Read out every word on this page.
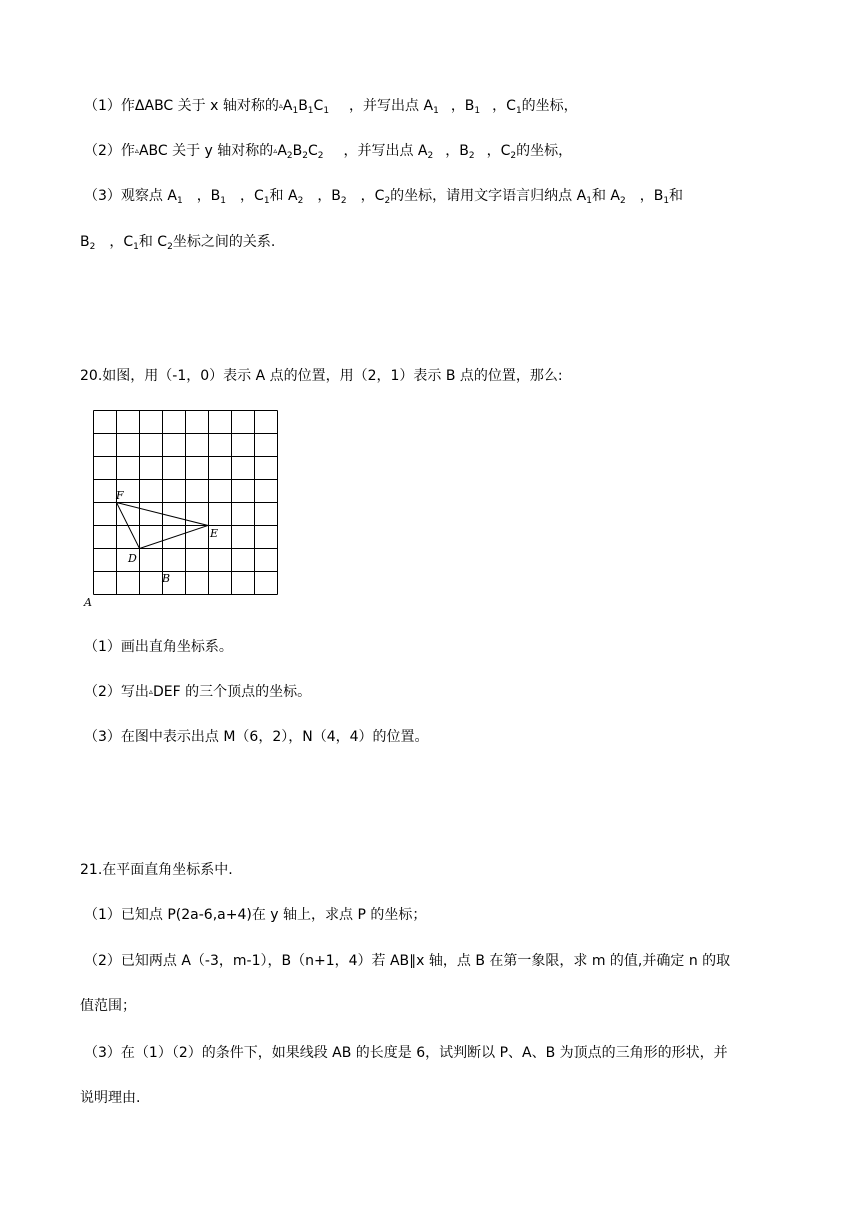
（1）作ΔABC 关于 x 轴对称的$▵A_1B_1C_1$ ，并写出点 $A_1$ ，$B_1$ ，$C_1$的坐标，
（2）作▵ABC 关于 y 轴对称的$▵A_2B_2C_2$ ，并写出点 $A_2$ ，$B_2$ ，$C_2$的坐标，
（3）观察点 $A_1$ ，$B_1$ ，$C_1$和 $A_2$ ，$B_2$ ，$C_2$的坐标，请用文字语言归纳点 $A_1$和 $A_2$ ，$B_1$和
$B_2$ ，$C_1$和 $C_2$坐标之间的关系.
20.如图，用（-1，0）表示 A 点的位置，用（2，1）表示 B 点的位置，那么:
F
E
D
B
A
（1）画出直角坐标系。
（2）写出▵DEF 的三个顶点的坐标。
（3）在图中表示出点 M（6，2），N（4，4）的位置。
21.在平面直角坐标系中.
（1）已知点 P(2a-6,a+4)在 y 轴上，求点 P 的坐标；
（2）已知两点 A（-3，m-1），B（n+1，4）若 AB∥x 轴，点 B 在第一象限，求 m 的值,并确定 n 的取
值范围；
（3）在（1）（2）的条件下，如果线段 AB 的长度是 6，试判断以 P、A、B 为顶点的三角形的形状，并
说明理由.
